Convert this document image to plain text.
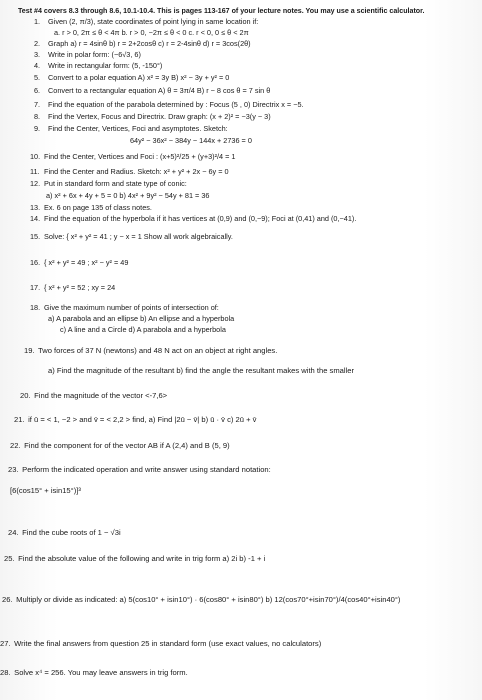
Test #4 covers 8.3 through 8.6, 10.1-10.4. This is pages 113-167 of your lecture notes. You may use a scientific calculator.
1. Given (2, π/3), state coordinates of point lying in same location if:
a. r > 0, 2π ≤ θ < 4π b. r > 0, −2π ≤ θ < 0 c. r < 0, 0 ≤ θ < 2π
2. Graph a) r = 4sinθ b) r = 2+2cosθ c) r = 2-4sinθ d) r = 3cos(2θ)
3. Write in polar form: (−6√3, 6)
4. Write in rectangular form: (5, -150°)
5. Convert to a polar equation A) x² = 3y B) x² − 3y + y² = 0
6. Convert to a rectangular equation A) θ = 3π/4 B) r − 8 cos θ = 7 sin θ
7. Find the equation of the parabola determined by : Focus (5 , 0) Directrix x = −5.
8. Find the Vertex, Focus and Directrix. Draw graph: (x + 2)² = −3(y − 3)
9. Find the Center, Vertices, Foci and asymptotes. Sketch:
64y² − 36x² − 384y − 144x + 2736 = 0
10. Find the Center, Vertices and Foci : (x+5)²/25 + (y+3)²/4 = 1
11. Find the Center and Radius. Sketch: x² + y² + 2x − 6y = 0
12. Put in standard form and state type of conic:
a) x² + 6x + 4y + 5 = 0 b) 4x² + 9y² − 54y + 81 = 36
13. Ex. 6 on page 135 of class notes.
14. Find the equation of the hyperbola if it has vertices at (0,9) and (0,−9); Foci at (0,41) and (0,−41).
15. Solve: { x² + y² = 41 ; y − x = 1 Show all work algebraically.
16. { x² + y² = 49 ; x² − y² = 49
17. { x² + y² = 52 ; xy = 24
18. Give the maximum number of points of intersection of:
a) A parabola and an ellipse b) An ellipse and a hyperbola
c) A line and a Circle d) A parabola and a hyperbola
19. Two forces of 37 N (newtons) and 48 N act on an object at right angles.
a) Find the magnitude of the resultant b) find the angle the resultant makes with the smaller
20. Find the magnitude of the vector <-7,6>
21. if ū = < 1, −2 > and v̄ = < 2,2 > find, a) Find |2ū − v̄| b) ū · v̄ c) 2ū + v̄
22. Find the component for of the vector AB if A (2,4) and B (5, 9)
23. Perform the indicated operation and write answer using standard notation:
[6(cos15° + isin15°)]³
24. Find the cube roots of 1 − √3i
25. Find the absolute value of the following and write in trig form a) 2i b) -1 + i
26. Multiply or divide as indicated: a) 5(cos10° + isin10°) · 6(cos80° + isin80°) b) 12(cos70°+isin70°)/4(cos40°+isin40°)
27. Write the final answers from question 25 in standard form (use exact values, no calculators)
28. Solve x⁴ = 256. You may leave answers in trig form.
